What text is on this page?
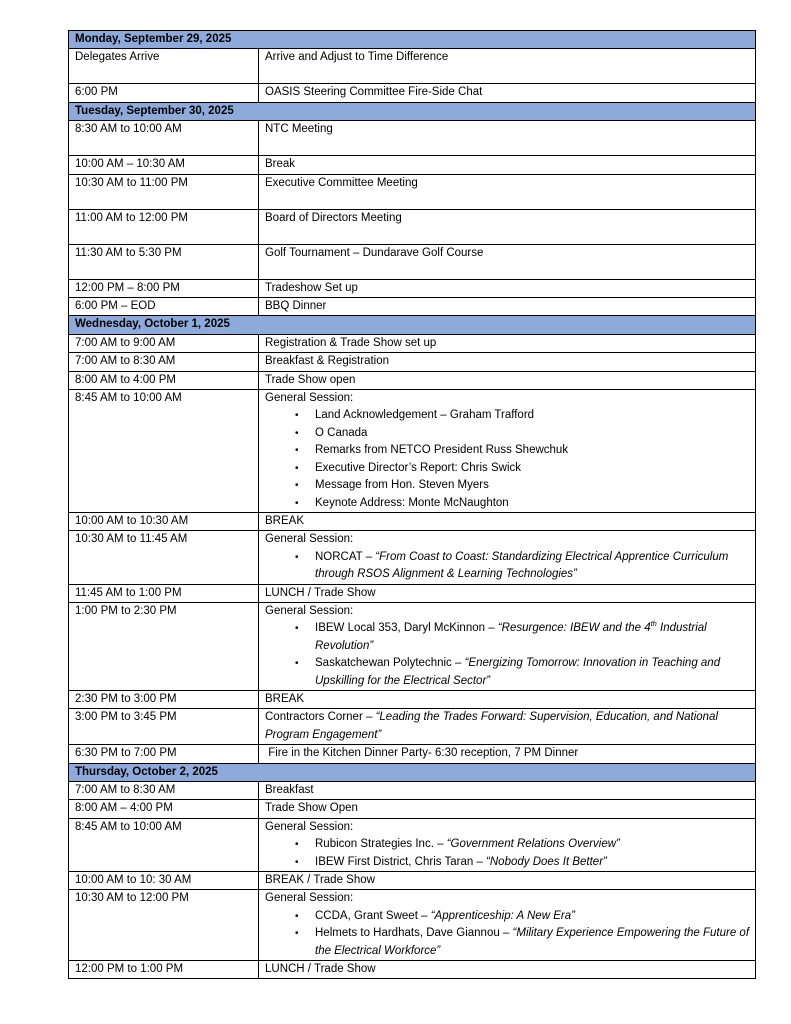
Monday, September 29, 2025	
Delegates Arrive	Arrive and Adjust to Time Difference

6:00 PM	OASIS Steering Committee Fire-Side Chat

Tuesday, September 30, 2025	
8:30 AM to 10:00 AM	NTC Meeting

10:00 AM – 10:30 AM	Break

10:30 AM to 11:00 PM	Executive Committee Meeting

11:00 AM to 12:00 PM	Board of Directors Meeting

11:30 AM to 5:30 PM	Golf Tournament – Dundarave Golf Course

12:00 PM – 8:00 PM	Tradeshow Set up

6:00 PM – EOD	BBQ Dinner

Wednesday, October 1, 2025	
7:00 AM to 9:00 AM	Registration & Trade Show set up

7:00 AM to 8:30 AM	Breakfast & Registration

8:00 AM to 4:00 PM	Trade Show open

8:45 AM to 10:00 AM	General Session:
• Land Acknowledgement – Graham Trafford
• O Canada
• Remarks from NETCO President Russ Shewchuk
• Executive Director’s Report: Chris Swick
• Message from Hon. Steven Myers
• Keynote Address: Monte McNaughton

10:00 AM to 10:30 AM	BREAK

10:30 AM to 11:45 AM	General Session:
• NORCAT – “From Coast to Coast: Standardizing Electrical Apprentice Curriculum through RSOS Alignment & Learning Technologies”

11:45 AM to 1:00 PM	LUNCH / Trade Show

1:00 PM to 2:30 PM	General Session:
• IBEW Local 353, Daryl McKinnon – “Resurgence: IBEW and the 4th Industrial Revolution”
• Saskatchewan Polytechnic – “Energizing Tomorrow: Innovation in Teaching and Upskilling for the Electrical Sector”

2:30 PM to 3:00 PM	BREAK

3:00 PM to 3:45 PM	Contractors Corner – “Leading the Trades Forward: Supervision, Education, and National Program Engagement”

6:30 PM to 7:00 PM	Fire in the Kitchen Dinner Party- 6:30 reception, 7 PM Dinner

Thursday, October 2, 2025	
7:00 AM to 8:30 AM	Breakfast

8:00 AM – 4:00 PM	Trade Show Open

8:45 AM to 10:00 AM	General Session:
• Rubicon Strategies Inc. – “Government Relations Overview”
• IBEW First District, Chris Taran – “Nobody Does It Better”

10:00 AM to 10: 30 AM	BREAK / Trade Show

10:30 AM to 12:00 PM	General Session:
• CCDA, Grant Sweet – “Apprenticeship: A New Era”
• Helmets to Hardhats, Dave Giannou – “Military Experience Empowering the Future of the Electrical Workforce”

12:00 PM to 1:00 PM	LUNCH / Trade Show
